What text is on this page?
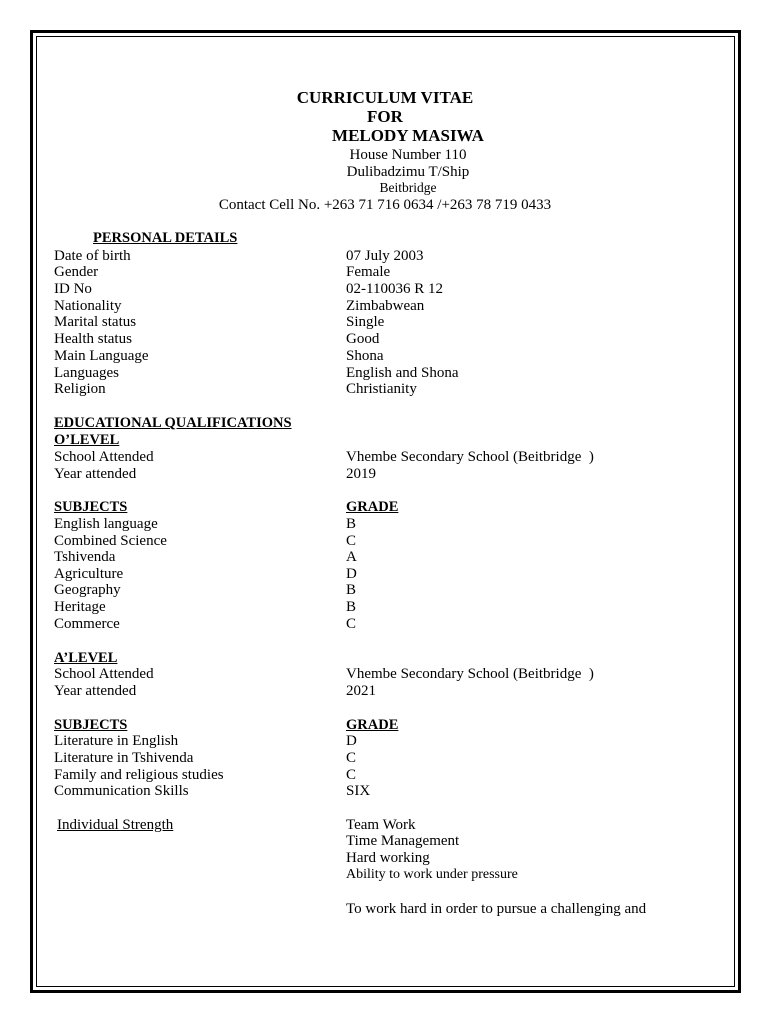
CURRICULUM VITAE
FOR
MELODY MASIWA
House Number 110
Dulibadzimu T/Ship
Beitbridge
Contact Cell No. +263 71 716 0634 /+263 78 719 0433
PERSONAL DETAILS
Date of birth	07 July 2003
Gender	Female
ID No	02-110036 R 12
Nationality	Zimbabwean
Marital status	Single
Health status	Good
Main Language	Shona
Languages	English and Shona
Religion	Christianity
EDUCATIONAL QUALIFICATIONS
O’LEVEL
School Attended	Vhembe Secondary School (Beitbridge  )
Year attended	2019
SUBJECTS	GRADE
English language	B
Combined Science	C
Tshivenda	A
Agriculture	D
Geography	B
Heritage	B
Commerce	C
A’LEVEL
School Attended	Vhembe Secondary School (Beitbridge  )
Year attended	2021
SUBJECTS	GRADE
Literature in English	D
Literature in Tshivenda	C
Family and religious studies	C
Communication Skills	SIX
Individual Strength	Team Work
Time Management
Hard working
Ability to work under pressure
To work hard in order to pursue a challenging and
